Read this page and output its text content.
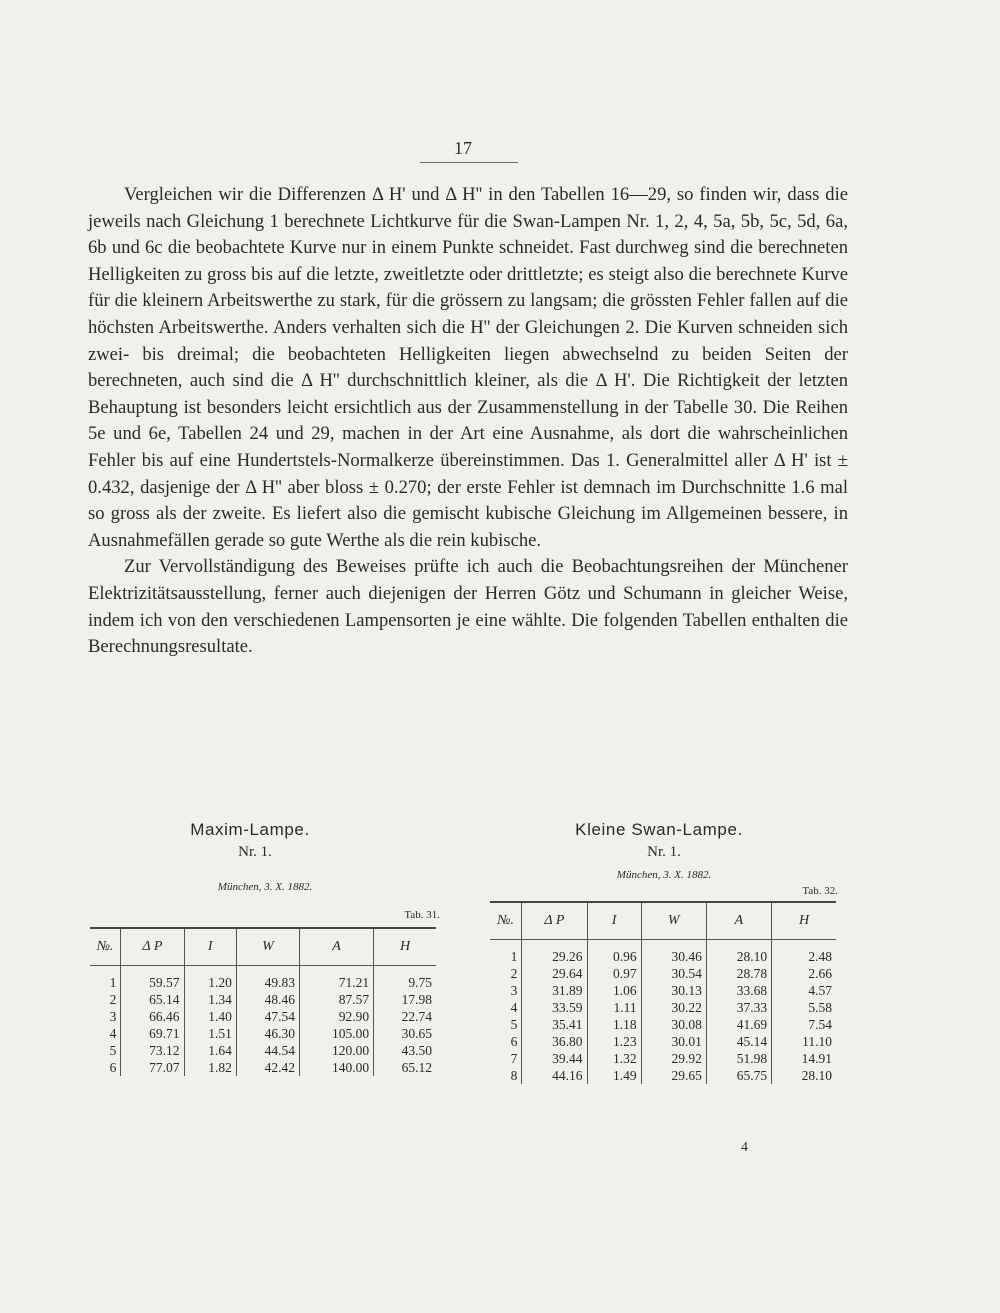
17

Vergleichen wir die Differenzen Δ H' und Δ H'' in den Tabellen 16—29, so finden wir, dass die jeweils nach Gleichung 1 berechnete Lichtkurve für die Swan-Lampen Nr. 1, 2, 4, 5a, 5b, 5c, 5d, 6a, 6b und 6c die beobachtete Kurve nur in einem Punkte schneidet. Fast durchweg sind die berechneten Helligkeiten zu gross bis auf die letzte, zweitletzte oder drittletzte; es steigt also die berechnete Kurve für die kleinern Arbeitswerthe zu stark, für die grössern zu langsam; die grössten Fehler fallen auf die höchsten Arbeitswerthe. Anders verhalten sich die H'' der Gleichungen 2. Die Kurven schneiden sich zwei- bis dreimal; die beobachteten Helligkeiten liegen abwechselnd zu beiden Seiten der berechneten, auch sind die Δ H'' durchschnittlich kleiner, als die Δ H'. Die Richtigkeit der letzten Behauptung ist besonders leicht ersichtlich aus der Zusammenstellung in der Tabelle 30. Die Reihen 5e und 6e, Tabellen 24 und 29, machen in der Art eine Ausnahme, als dort die wahrscheinlichen Fehler bis auf eine Hundertstels-Normalkerze übereinstimmen. Das 1. Generalmittel aller Δ H' ist ± 0.432, dasjenige der Δ H'' aber bloss ± 0.270; der erste Fehler ist demnach im Durchschnitte 1.6 mal so gross als der zweite. Es liefert also die gemischt kubische Gleichung im Allgemeinen bessere, in Ausnahmefällen gerade so gute Werthe als die rein kubische.

Zur Vervollständigung des Beweises prüfte ich auch die Beobachtungsreihen der Münchener Elektrizitätsausstellung, ferner auch diejenigen der Herren Götz und Schumann in gleicher Weise, indem ich von den verschiedenen Lampensorten je eine wählte. Die folgenden Tabellen enthalten die Berechnungsresultate.

Maxim-Lampe.
Nr. 1.
München, 3. X. 1882.
Tab. 31.
№.	Δ P	I	W	A	H
1	59.57	1.20	49.83	71.21	9.75
2	65.14	1.34	48.46	87.57	17.98
3	66.46	1.40	47.54	92.90	22.74
4	69.71	1.51	46.30	105.00	30.65
5	73.12	1.64	44.54	120.00	43.50
6	77.07	1.82	42.42	140.00	65.12
Kleine Swan-Lampe.
Nr. 1.
München, 3. X. 1882.
Tab. 32.
№.	Δ P	I	W	A	H
1	29.26	0.96	30.46	28.10	2.48
2	29.64	0.97	30.54	28.78	2.66
3	31.89	1.06	30.13	33.68	4.57
4	33.59	1.11	30.22	37.33	5.58
5	35.41	1.18	30.08	41.69	7.54
6	36.80	1.23	30.01	45.14	11.10
7	39.44	1.32	29.92	51.98	14.91
8	44.16	1.49	29.65	65.75	28.10
4
